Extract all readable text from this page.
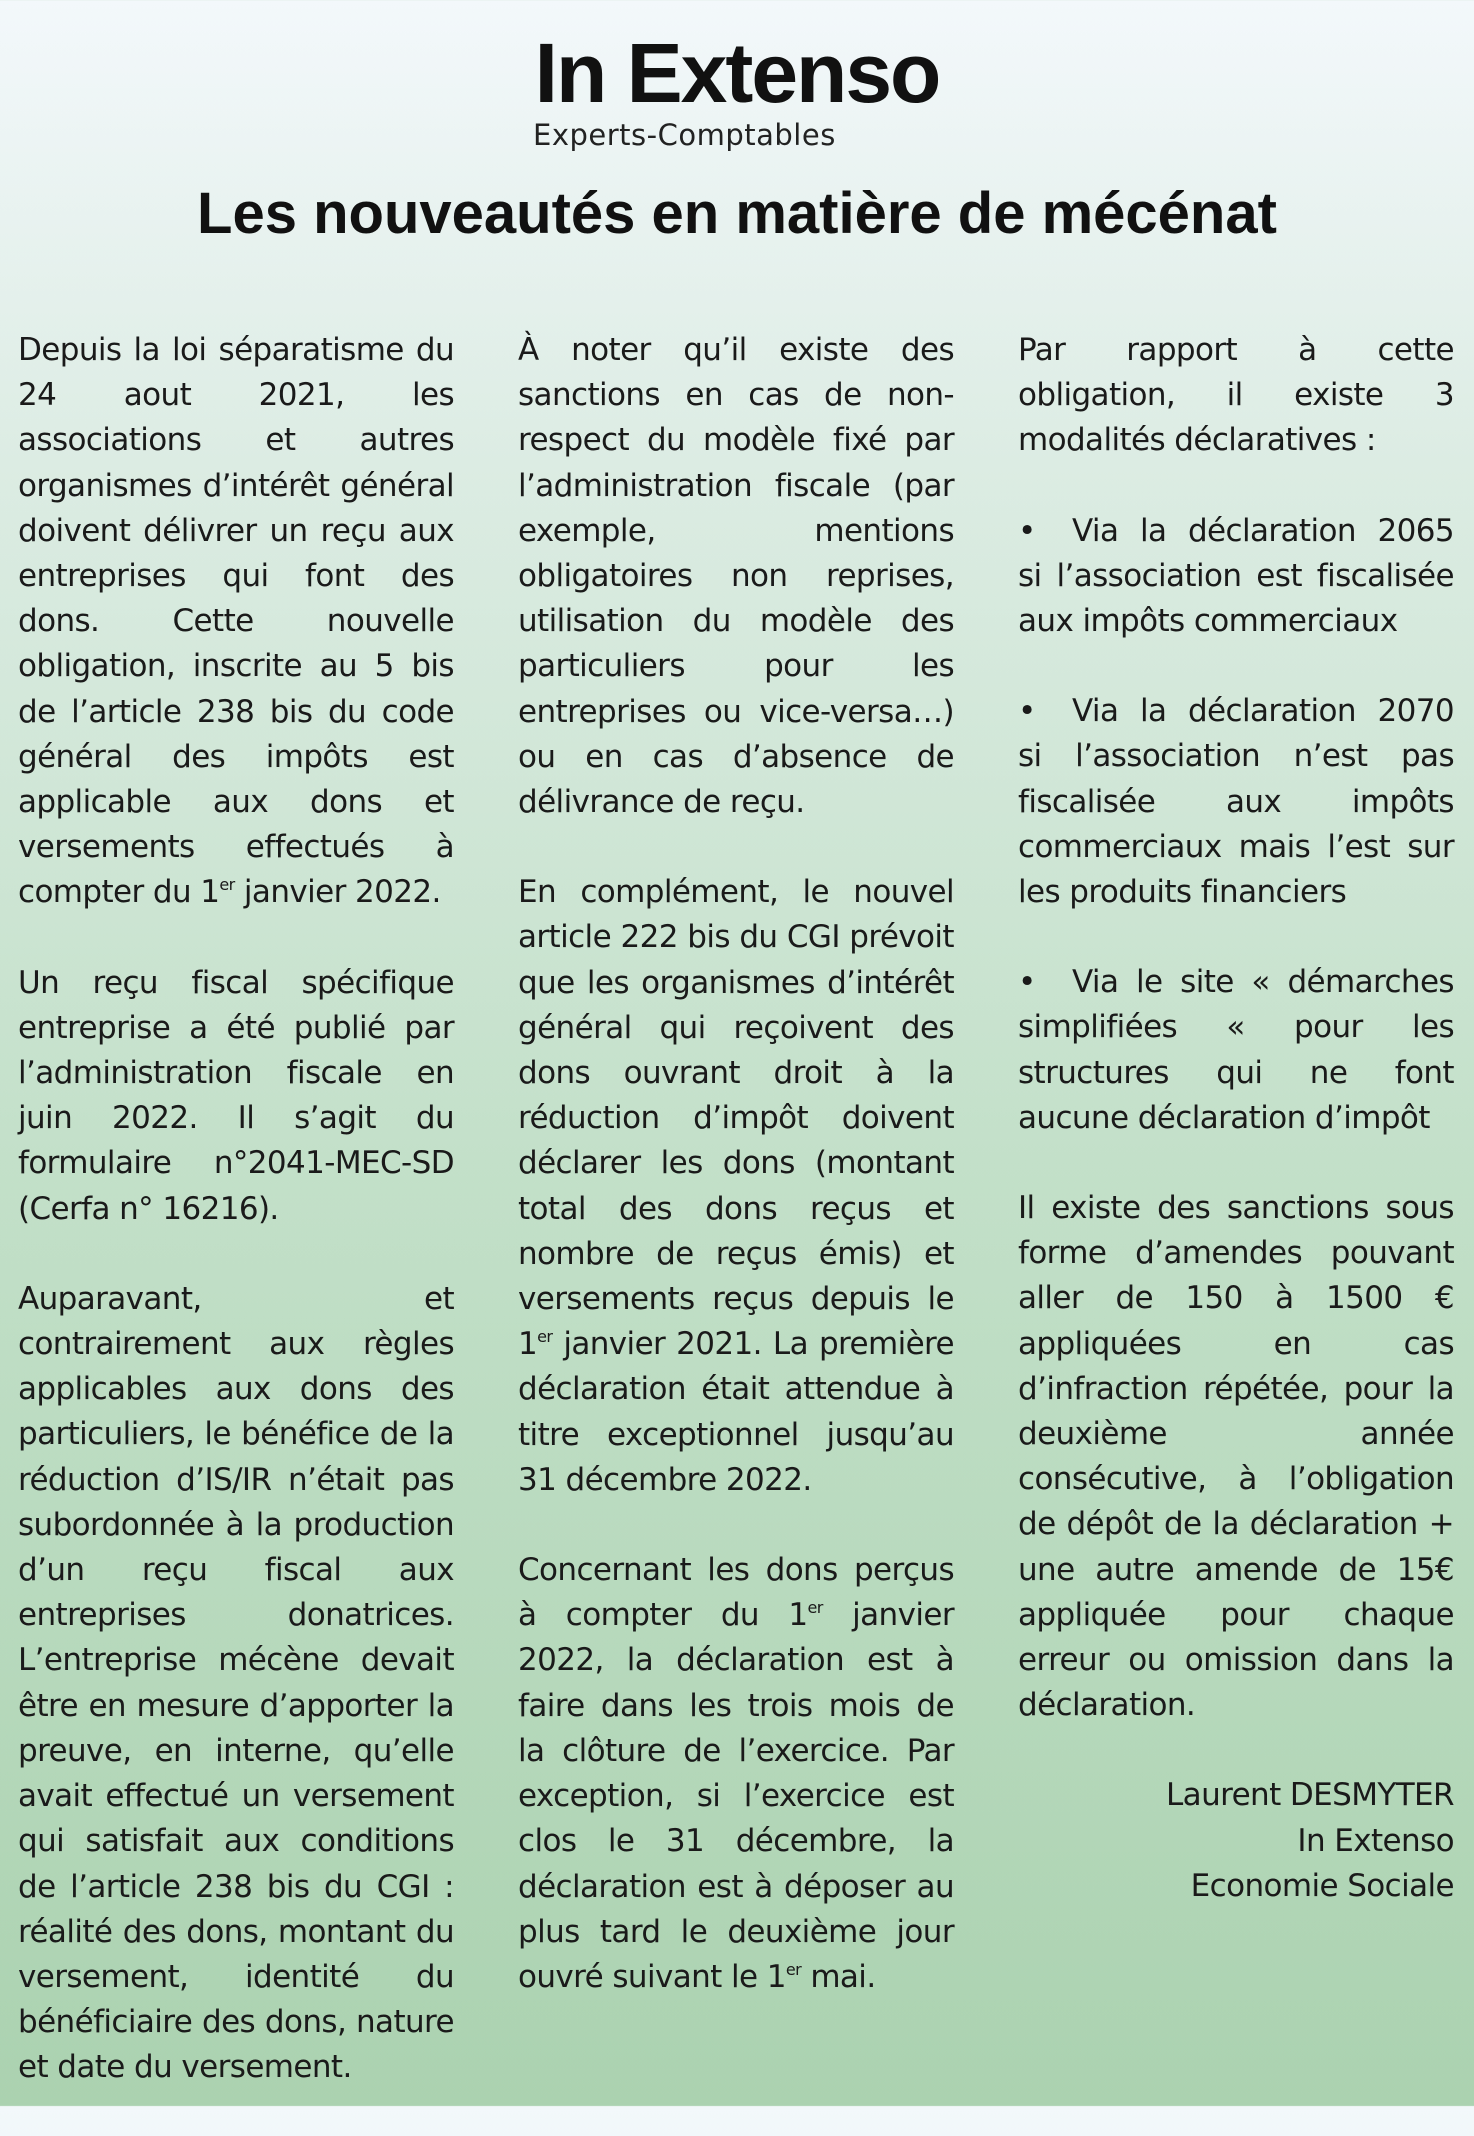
In Extenso
Experts-Comptables
Les nouveautés en matière de mécénat

Depuis la loi séparatisme du 24 aout 2021, les associations et autres organismes d’intérêt général doivent délivrer un reçu aux entreprises qui font des dons. Cette nouvelle obligation, inscrite au 5 bis de l’article 238 bis du code général des impôts est applicable aux dons et versements effectués à compter du 1er janvier 2022.

Un reçu fiscal spécifique entreprise a été publié par l’administration fiscale en juin 2022. Il s’agit du formulaire n°2041-MEC-SD (Cerfa n° 16216).

Auparavant, et contrairement aux règles applicables aux dons des particuliers, le bénéfice de la réduction d’IS/IR n’était pas subordonnée à la production d’un reçu fiscal aux entreprises donatrices. L’entreprise mécène devait être en mesure d’apporter la preuve, en interne, qu’elle avait effectué un versement qui satisfait aux conditions de l’article 238 bis du CGI : réalité des dons, montant du versement, identité du bénéficiaire des dons, nature et date du versement.

À noter qu’il existe des sanctions en cas de non-respect du modèle fixé par l’administration fiscale (par exemple, mentions obligatoires non reprises, utilisation du modèle des particuliers pour les entreprises ou vice-versa…) ou en cas d’absence de délivrance de reçu.

En complément, le nouvel article 222 bis du CGI prévoit que les organismes d’intérêt général qui reçoivent des dons ouvrant droit à la réduction d’impôt doivent déclarer les dons (montant total des dons reçus et nombre de reçus émis) et versements reçus depuis le 1er janvier 2021. La première déclaration était attendue à titre exceptionnel jusqu’au 31 décembre 2022.

Concernant les dons perçus à compter du 1er janvier 2022, la déclaration est à faire dans les trois mois de la clôture de l’exercice. Par exception, si l’exercice est clos le 31 décembre, la déclaration est à déposer au plus tard le deuxième jour ouvré suivant le 1er mai.

Par rapport à cette obligation, il existe 3 modalités déclaratives :

•	Via la déclaration 2065
si l’association est fiscalisée aux impôts commerciaux
•	Via la déclaration 2070
si l’association n’est pas fiscalisée aux impôts commerciaux mais l’est sur les produits financiers
•	Via le site « démarches
simplifiées « pour les structures qui ne font aucune déclaration d’impôt

Il existe des sanctions sous forme d’amendes pouvant aller de 150 à 1500 € appliquées en cas d’infraction répétée, pour la deuxième année consécutive, à l’obligation de dépôt de la déclaration + une autre amende de 15€ appliquée pour chaque erreur ou omission dans la déclaration.

Laurent DESMYTER
In Extenso
Economie Sociale
